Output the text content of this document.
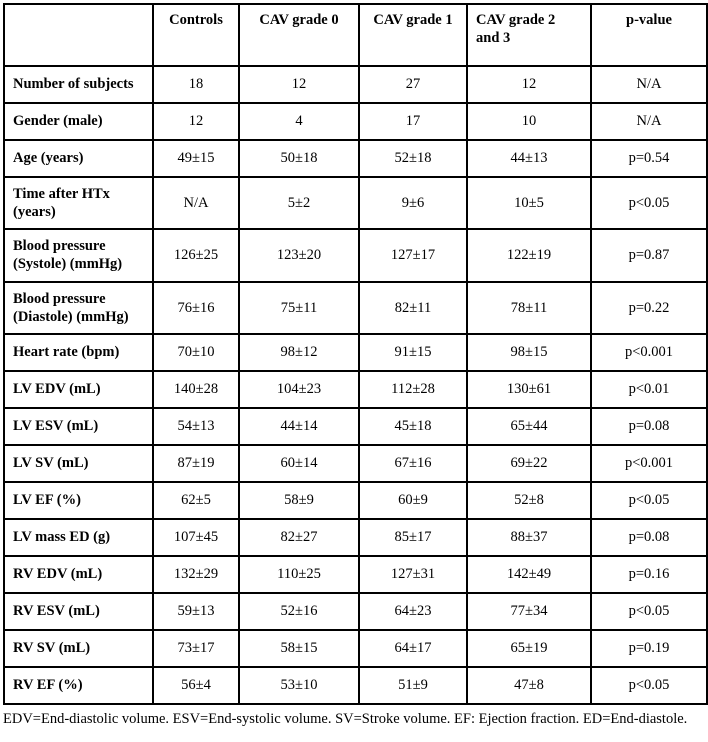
	Controls	CAV grade 0	CAV grade 1	CAV grade 2 and 3	p-value
Number of subjects	18	12	27	12	N/A
Gender (male)	12	4	17	10	N/A
Age (years)	49±15	50±18	52±18	44±13	p=0.54
Time after HTx (years)	N/A	5±2	9±6	10±5	p<0.05
Blood pressure (Systole) (mmHg)	126±25	123±20	127±17	122±19	p=0.87
Blood pressure (Diastole) (mmHg)	76±16	75±11	82±11	78±11	p=0.22
Heart rate (bpm)	70±10	98±12	91±15	98±15	p<0.001
LV EDV (mL)	140±28	104±23	112±28	130±61	p<0.01
LV ESV (mL)	54±13	44±14	45±18	65±44	p=0.08
LV SV (mL)	87±19	60±14	67±16	69±22	p<0.001
LV EF (%)	62±5	58±9	60±9	52±8	p<0.05
LV mass ED (g)	107±45	82±27	85±17	88±37	p=0.08
RV EDV (mL)	132±29	110±25	127±31	142±49	p=0.16
RV ESV (mL)	59±13	52±16	64±23	77±34	p<0.05
RV SV (mL)	73±17	58±15	64±17	65±19	p=0.19
RV EF (%)	56±4	53±10	51±9	47±8	p<0.05

EDV=End-diastolic volume. ESV=End-systolic volume. SV=Stroke volume. EF: Ejection fraction. ED=End-diastole.
